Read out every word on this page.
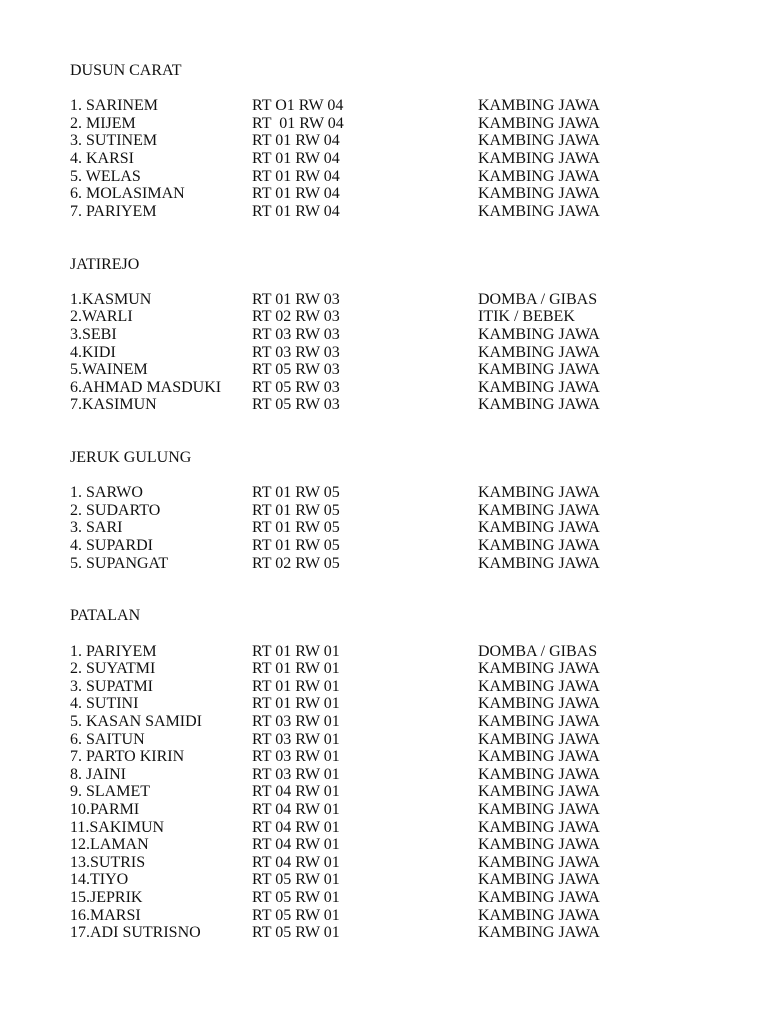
DUSUN CARAT
1. SARINEM	RT O1 RW 04	KAMBING JAWA
2. MIJEM	RT  01 RW 04	KAMBING JAWA
3. SUTINEM	RT 01 RW 04	KAMBING JAWA
4. KARSI	RT 01 RW 04	KAMBING JAWA
5. WELAS	RT 01 RW 04	KAMBING JAWA
6. MOLASIMAN	RT 01 RW 04	KAMBING JAWA
7. PARIYEM	RT 01 RW 04	KAMBING JAWA
JATIREJO
1.KASMUN	RT 01 RW 03	DOMBA / GIBAS
2.WARLI	RT 02 RW 03	ITIK / BEBEK
3.SEBI	RT 03 RW 03	KAMBING JAWA
4.KIDI	RT 03 RW 03	KAMBING JAWA
5.WAINEM	RT 05 RW 03	KAMBING JAWA
6.AHMAD MASDUKI RT 05 RW 03	KAMBING JAWA
7.KASIMUN	RT 05 RW 03	KAMBING JAWA
JERUK GULUNG
1. SARWO	RT 01 RW 05	KAMBING JAWA
2. SUDARTO	RT 01 RW 05	KAMBING JAWA
3. SARI	RT 01 RW 05	KAMBING JAWA
4. SUPARDI	RT 01 RW 05	KAMBING JAWA
5. SUPANGAT	RT 02 RW 05	KAMBING JAWA
PATALAN
1. PARIYEM	RT 01 RW 01	DOMBA / GIBAS
2. SUYATMI	RT 01 RW 01	KAMBING JAWA
3. SUPATMI	RT 01 RW 01	KAMBING JAWA
4. SUTINI	RT 01 RW 01	KAMBING JAWA
5. KASAN SAMIDI	RT 03 RW 01	KAMBING JAWA
6. SAITUN	RT 03 RW 01	KAMBING JAWA
7. PARTO KIRIN	RT 03 RW 01	KAMBING JAWA
8. JAINI	RT 03 RW 01	KAMBING JAWA
9. SLAMET	RT 04 RW 01	KAMBING JAWA
10.PARMI	RT 04 RW 01	KAMBING JAWA
11.SAKIMUN	RT 04 RW 01	KAMBING JAWA
12.LAMAN	RT 04 RW 01	KAMBING JAWA
13.SUTRIS	RT 04 RW 01	KAMBING JAWA
14.TIYO	RT 05 RW 01	KAMBING JAWA
15.JEPRIK	RT 05 RW 01	KAMBING JAWA
16.MARSI	RT 05 RW 01	KAMBING JAWA
17.ADI SUTRISNO	RT 05 RW 01	KAMBING JAWA
